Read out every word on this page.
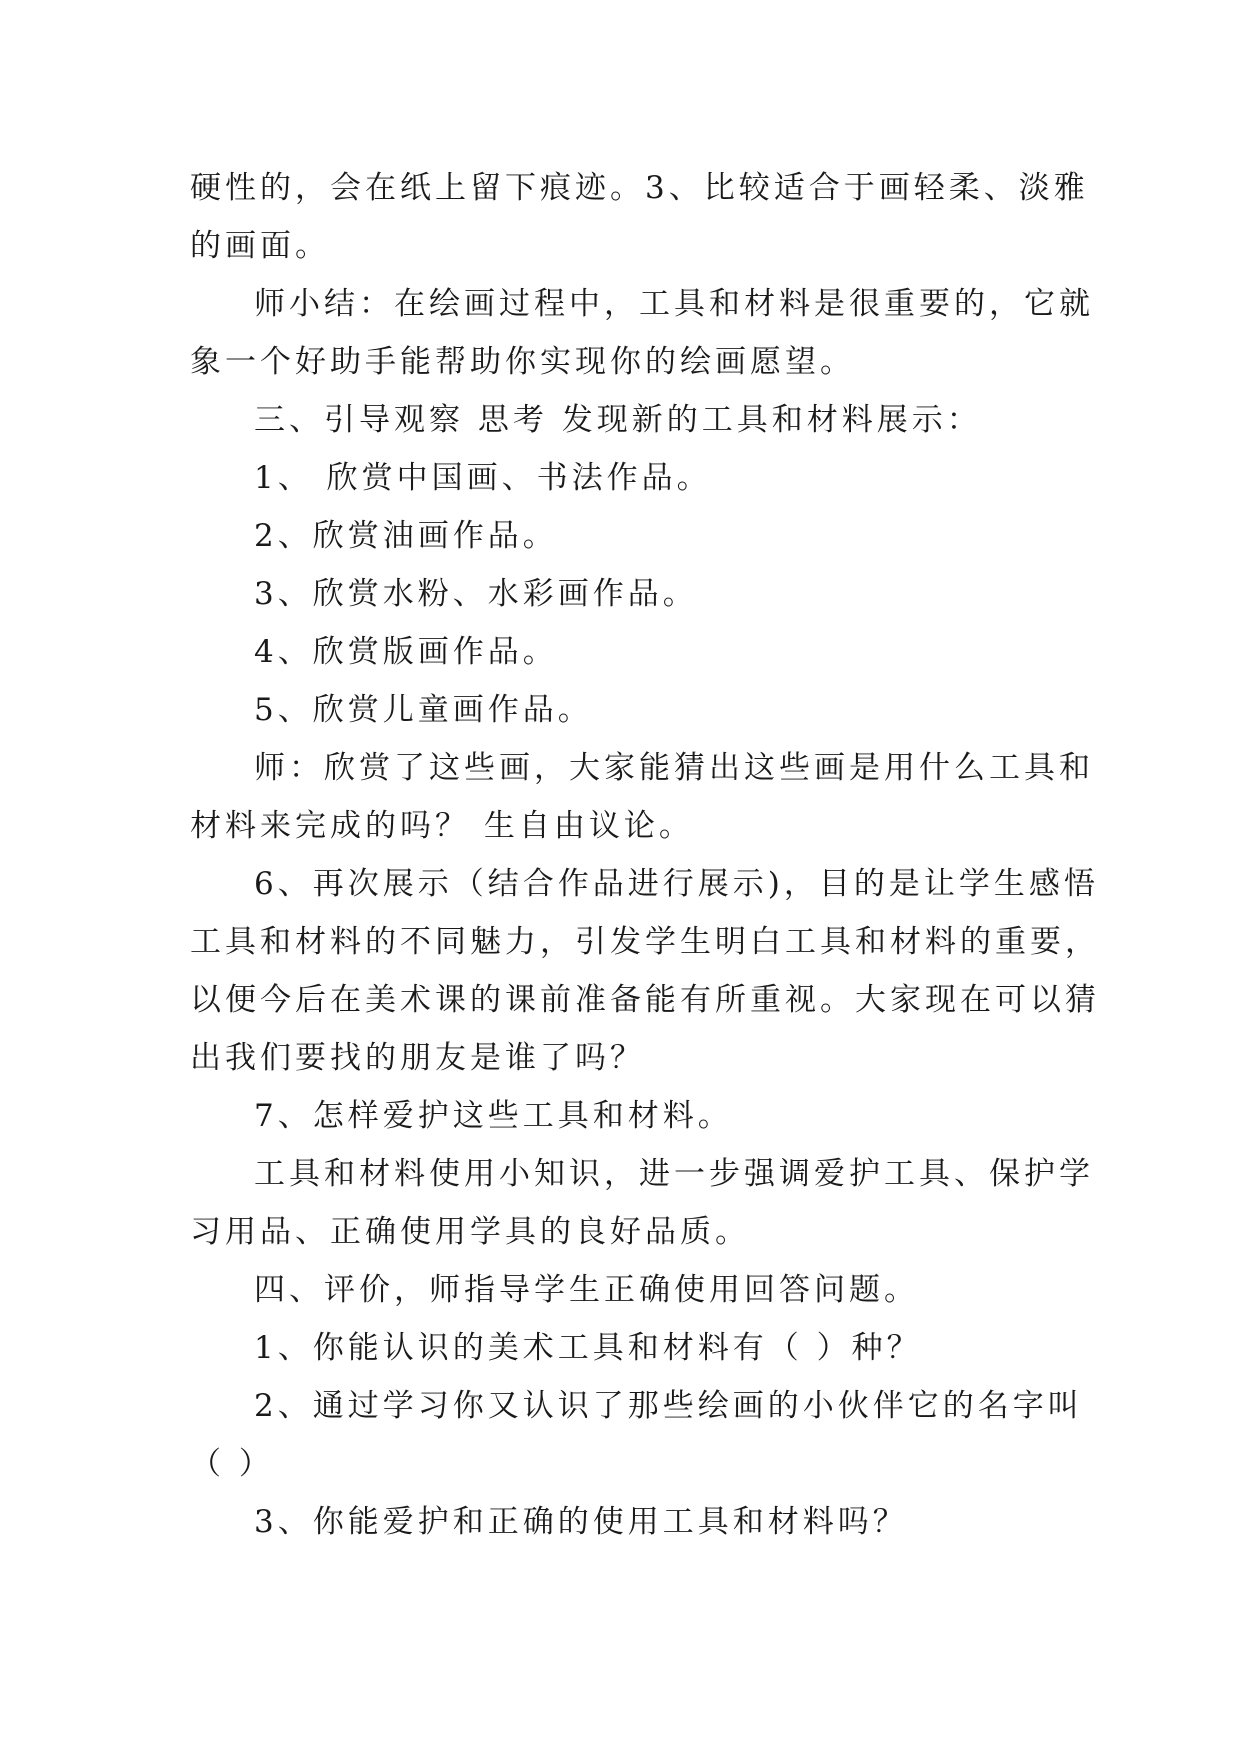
硬性的，会在纸上留下痕迹。3、比较适合于画轻柔、淡雅

的画面。

师小结：在绘画过程中，工具和材料是很重要的，它就

象一个好助手能帮助你实现你的绘画愿望。

三、引导观察 思考 发现新的工具和材料展示：

1、 欣赏中国画、书法作品。

2、欣赏油画作品。

3、欣赏水粉、水彩画作品。

4、欣赏版画作品。

5、欣赏儿童画作品。

师：欣赏了这些画，大家能猜出这些画是用什么工具和

材料来完成的吗？ 生自由议论。

6、再次展示（结合作品进行展示)，目的是让学生感悟

工具和材料的不同魅力，引发学生明白工具和材料的重要，

以便今后在美术课的课前准备能有所重视。大家现在可以猜

出我们要找的朋友是谁了吗？

7、怎样爱护这些工具和材料。

工具和材料使用小知识，进一步强调爱护工具、保护学

习用品、正确使用学具的良好品质。

四、评价，师指导学生正确使用回答问题。

1、你能认识的美术工具和材料有（ ）种？

2、通过学习你又认识了那些绘画的小伙伴它的名字叫

（ ）

3、你能爱护和正确的使用工具和材料吗？
